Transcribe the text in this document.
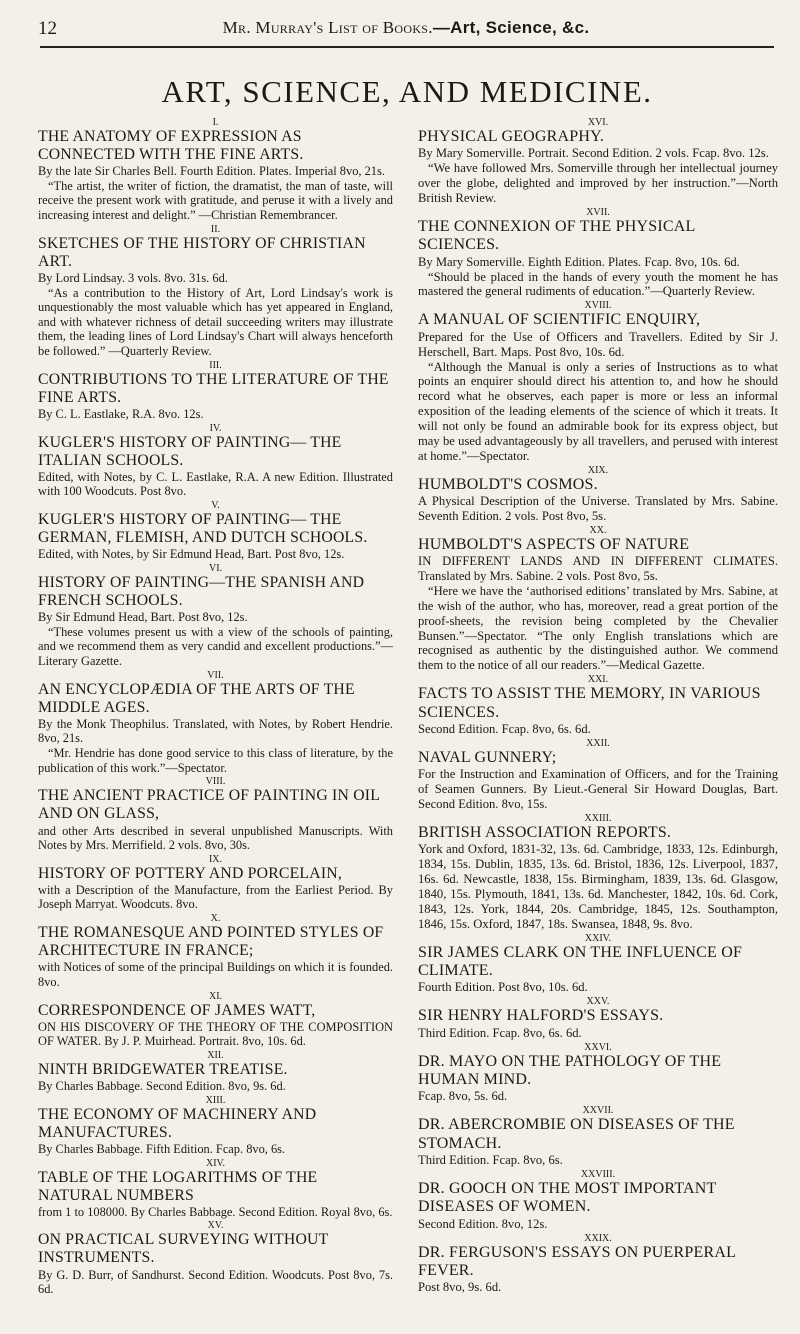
12	Mr. Murray's List of Books.—Art, Science, &c.
ART, SCIENCE, AND MEDICINE.
I.
THE ANATOMY OF EXPRESSION AS CONNECTED WITH THE FINE ARTS.
By the late Sir Charles Bell. Fourth Edition. Plates. Imperial 8vo, 21s.
“The artist, the writer of fiction, the dramatist, the man of taste, will receive the present work with gratitude, and peruse it with a lively and increasing interest and delight.” —Christian Remembrancer.
II.
SKETCHES OF THE HISTORY OF CHRISTIAN ART.
By Lord Lindsay. 3 vols. 8vo. 31s. 6d.
“As a contribution to the History of Art, Lord Lindsay's work is unquestionably the most valuable which has yet appeared in England, and with whatever richness of detail succeeding writers may illustrate them, the leading lines of Lord Lindsay's Chart will always henceforth be followed.” —Quarterly Review.
III.
CONTRIBUTIONS TO THE LITERATURE OF THE FINE ARTS.
By C. L. Eastlake, R.A. 8vo. 12s.
IV.
KUGLER'S HISTORY OF PAINTING— THE ITALIAN SCHOOLS.
Edited, with Notes, by C. L. Eastlake, R.A. A new Edition. Illustrated with 100 Woodcuts. Post 8vo.
V.
KUGLER'S HISTORY OF PAINTING— THE GERMAN, FLEMISH, AND DUTCH SCHOOLS.
Edited, with Notes, by Sir Edmund Head, Bart. Post 8vo, 12s.
VI.
HISTORY OF PAINTING—THE SPANISH AND FRENCH SCHOOLS.
By Sir Edmund Head, Bart. Post 8vo, 12s.
“These volumes present us with a view of the schools of painting, and we recommend them as very candid and excellent productions.”—Literary Gazette.
VII.
AN ENCYCLOPÆDIA OF THE ARTS OF THE MIDDLE AGES.
By the Monk Theophilus. Translated, with Notes, by Robert Hendrie. 8vo, 21s.
“Mr. Hendrie has done good service to this class of literature, by the publication of this work.”—Spectator.
VIII.
THE ANCIENT PRACTICE OF PAINTING IN OIL AND ON GLASS,
and other Arts described in several unpublished Manuscripts. With Notes by Mrs. Merrifield. 2 vols. 8vo, 30s.
IX.
HISTORY OF POTTERY AND PORCELAIN,
with a Description of the Manufacture, from the Earliest Period. By Joseph Marryat. Woodcuts. 8vo.
X.
THE ROMANESQUE AND POINTED STYLES OF ARCHITECTURE IN FRANCE;
with Notices of some of the principal Buildings on which it is founded. 8vo.
XI.
CORRESPONDENCE OF JAMES WATT,
ON HIS DISCOVERY OF THE THEORY OF THE COMPOSITION OF WATER. By J. P. Muirhead. Portrait. 8vo, 10s. 6d.
XII.
NINTH BRIDGEWATER TREATISE.
By Charles Babbage. Second Edition. 8vo, 9s. 6d.
XIII.
THE ECONOMY OF MACHINERY AND MANUFACTURES.
By Charles Babbage. Fifth Edition. Fcap. 8vo, 6s.
XIV.
TABLE OF THE LOGARITHMS OF THE NATURAL NUMBERS
from 1 to 108000. By Charles Babbage. Second Edition. Royal 8vo, 6s.
XV.
ON PRACTICAL SURVEYING WITHOUT INSTRUMENTS.
By G. D. Burr, of Sandhurst. Second Edition. Woodcuts. Post 8vo, 7s. 6d.
XVI.
PHYSICAL GEOGRAPHY.
By Mary Somerville. Portrait. Second Edition. 2 vols. Fcap. 8vo. 12s.
“We have followed Mrs. Somerville through her intellectual journey over the globe, delighted and improved by her instruction.”—North British Review.
XVII.
THE CONNEXION OF THE PHYSICAL SCIENCES.
By Mary Somerville. Eighth Edition. Plates. Fcap. 8vo, 10s. 6d.
“Should be placed in the hands of every youth the moment he has mastered the general rudiments of education.”—Quarterly Review.
XVIII.
A MANUAL OF SCIENTIFIC ENQUIRY,
Prepared for the Use of Officers and Travellers. Edited by Sir J. Herschell, Bart. Maps. Post 8vo, 10s. 6d.
“Although the Manual is only a series of Instructions as to what points an enquirer should direct his attention to, and how he should record what he observes, each paper is more or less an informal exposition of the leading elements of the science of which it treats. It will not only be found an admirable book for its express object, but may be used advantageously by all travellers, and perused with interest at home.”—Spectator.
XIX.
HUMBOLDT'S COSMOS.
A Physical Description of the Universe. Translated by Mrs. Sabine. Seventh Edition. 2 vols. Post 8vo, 5s.
XX.
HUMBOLDT'S ASPECTS OF NATURE
IN DIFFERENT LANDS AND IN DIFFERENT CLIMATES. Translated by Mrs. Sabine. 2 vols. Post 8vo, 5s.
“Here we have the ‘authorised editions’ translated by Mrs. Sabine, at the wish of the author, who has, moreover, read a great portion of the proof-sheets, the revision being completed by the Chevalier Bunsen.”—Spectator. “The only English translations which are recognised as authentic by the distinguished author. We commend them to the notice of all our readers.”—Medical Gazette.
XXI.
FACTS TO ASSIST THE MEMORY, IN VARIOUS SCIENCES.
Second Edition. Fcap. 8vo, 6s. 6d.
XXII.
NAVAL GUNNERY;
For the Instruction and Examination of Officers, and for the Training of Seamen Gunners. By Lieut.-General Sir Howard Douglas, Bart. Second Edition. 8vo, 15s.
XXIII.
BRITISH ASSOCIATION REPORTS.
York and Oxford, 1831-32, 13s. 6d. Cambridge, 1833, 12s. Edinburgh, 1834, 15s. Dublin, 1835, 13s. 6d. Bristol, 1836, 12s. Liverpool, 1837, 16s. 6d. Newcastle, 1838, 15s. Birmingham, 1839, 13s. 6d. Glasgow, 1840, 15s. Plymouth, 1841, 13s. 6d. Manchester, 1842, 10s. 6d. Cork, 1843, 12s. York, 1844, 20s. Cambridge, 1845, 12s. Southampton, 1846, 15s. Oxford, 1847, 18s. Swansea, 1848, 9s. 8vo.
XXIV.
SIR JAMES CLARK ON THE INFLUENCE OF CLIMATE.
Fourth Edition. Post 8vo, 10s. 6d.
XXV.
SIR HENRY HALFORD'S ESSAYS.
Third Edition. Fcap. 8vo, 6s. 6d.
XXVI.
DR. MAYO ON THE PATHOLOGY OF THE HUMAN MIND.
Fcap. 8vo, 5s. 6d.
XXVII.
DR. ABERCROMBIE ON DISEASES OF THE STOMACH.
Third Edition. Fcap. 8vo, 6s.
XXVIII.
DR. GOOCH ON THE MOST IMPORTANT DISEASES OF WOMEN.
Second Edition. 8vo, 12s.
XXIX.
DR. FERGUSON'S ESSAYS ON PUERPERAL FEVER.
Post 8vo, 9s. 6d.
